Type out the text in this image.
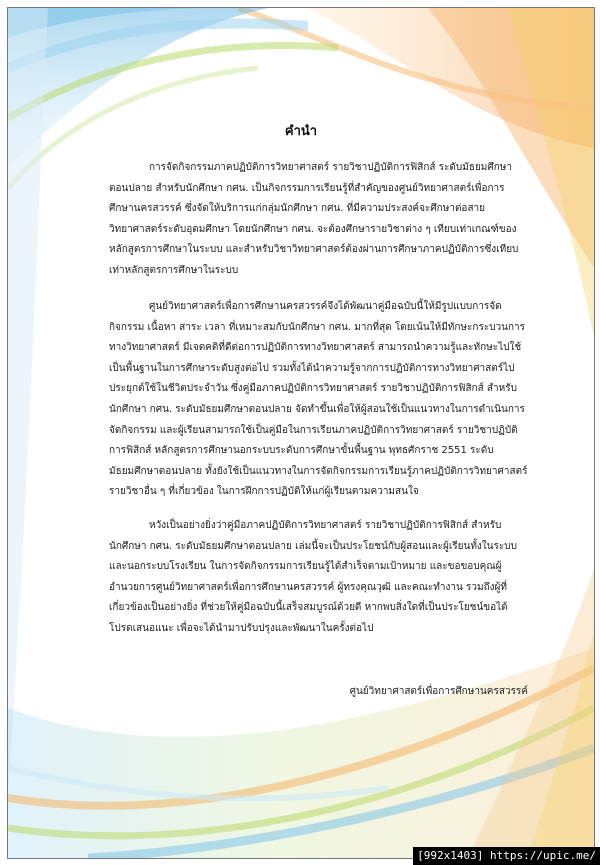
คำนำ

การจัดกิจกรรมภาคปฏิบัติการวิทยาศาสตร์ รายวิชาปฏิบัติการฟิสิกส์ ระดับมัธยมศึกษาตอนปลาย สำหรับนักศึกษา กศน. เป็นกิจกรรมการเรียนรู้ที่สำคัญของศูนย์วิทยาศาสตร์เพื่อการศึกษานครสวรรค์ ซึ่งจัดให้บริการแก่กลุ่มนักศึกษา กศน. ที่มีความประสงค์จะศึกษาต่อสายวิทยาศาสตร์ระดับอุดมศึกษา โดยนักศึกษา กศน. จะต้องศึกษารายวิชาต่าง ๆ เทียบเท่าเกณฑ์ของหลักสูตรการศึกษาในระบบ และสำหรับวิชาวิทยาศาสตร์ต้องผ่านการศึกษาภาคปฏิบัติการซึ่งเทียบเท่าหลักสูตรการศึกษาในระบบ

ศูนย์วิทยาศาสตร์เพื่อการศึกษานครสวรรค์จึงได้พัฒนาคู่มือฉบับนี้ให้มีรูปแบบการจัดกิจกรรม เนื้อหา สาระ เวลา ที่เหมาะสมกับนักศึกษา กศน. มากที่สุด โดยเน้นให้มีทักษะกระบวนการทางวิทยาศาสตร์ มีเจตคติที่ดีต่อการปฏิบัติการทางวิทยาศาสตร์ สามารถนำความรู้และทักษะไปใช้เป็นพื้นฐานในการศึกษาระดับสูงต่อไป รวมทั้งได้นำความรู้จากการปฏิบัติการทางวิทยาศาสตร์ไปประยุกต์ใช้ในชีวิตประจำวัน ซึ่งคู่มือภาคปฏิบัติการวิทยาศาสตร์ รายวิชาปฏิบัติการฟิสิกส์ สำหรับนักศึกษา กศน. ระดับมัธยมศึกษาตอนปลาย จัดทำขึ้นเพื่อให้ผู้สอนใช้เป็นแนวทางในการดำเนินการจัดกิจกรรม และผู้เรียนสามารถใช้เป็นคู่มือในการเรียนภาคปฏิบัติการวิทยาศาสตร์ รายวิชาปฏิบัติการฟิสิกส์ หลักสูตรการศึกษานอกระบบระดับการศึกษาขั้นพื้นฐาน พุทธศักราช 2551 ระดับมัธยมศึกษาตอนปลาย ทั้งยังใช้เป็นแนวทางในการจัดกิจกรรมการเรียนรู้ภาคปฏิบัติการวิทยาศาสตร์รายวิชาอื่น ๆ ที่เกี่ยวข้อง ในการฝึกการปฏิบัติให้แก่ผู้เรียนตามความสนใจ

หวังเป็นอย่างยิ่งว่าคู่มือภาคปฏิบัติการวิทยาศาสตร์ รายวิชาปฏิบัติการฟิสิกส์ สำหรับนักศึกษา กศน. ระดับมัธยมศึกษาตอนปลาย เล่มนี้จะเป็นประโยชน์กับผู้สอนและผู้เรียนทั้งในระบบและนอกระบบโรงเรียน ในการจัดกิจกรรมการเรียนรู้ได้สำเร็จตามเป้าหมาย และขอขอบคุณผู้อำนวยการศูนย์วิทยาศาสตร์เพื่อการศึกษานครสวรรค์ ผู้ทรงคุณวุฒิ และคณะทำงาน รวมถึงผู้ที่เกี่ยวข้องเป็นอย่างยิ่ง ที่ช่วยให้คู่มือฉบับนี้เสร็จสมบูรณ์ด้วยดี หากพบสิ่งใดที่เป็นประโยชน์ขอได้โปรดเสนอแนะ เพื่อจะได้นำมาปรับปรุงและพัฒนาในครั้งต่อไป

ศูนย์วิทยาศาสตร์เพื่อการศึกษานครสวรรค์
[992x1403] https://upic.me/
